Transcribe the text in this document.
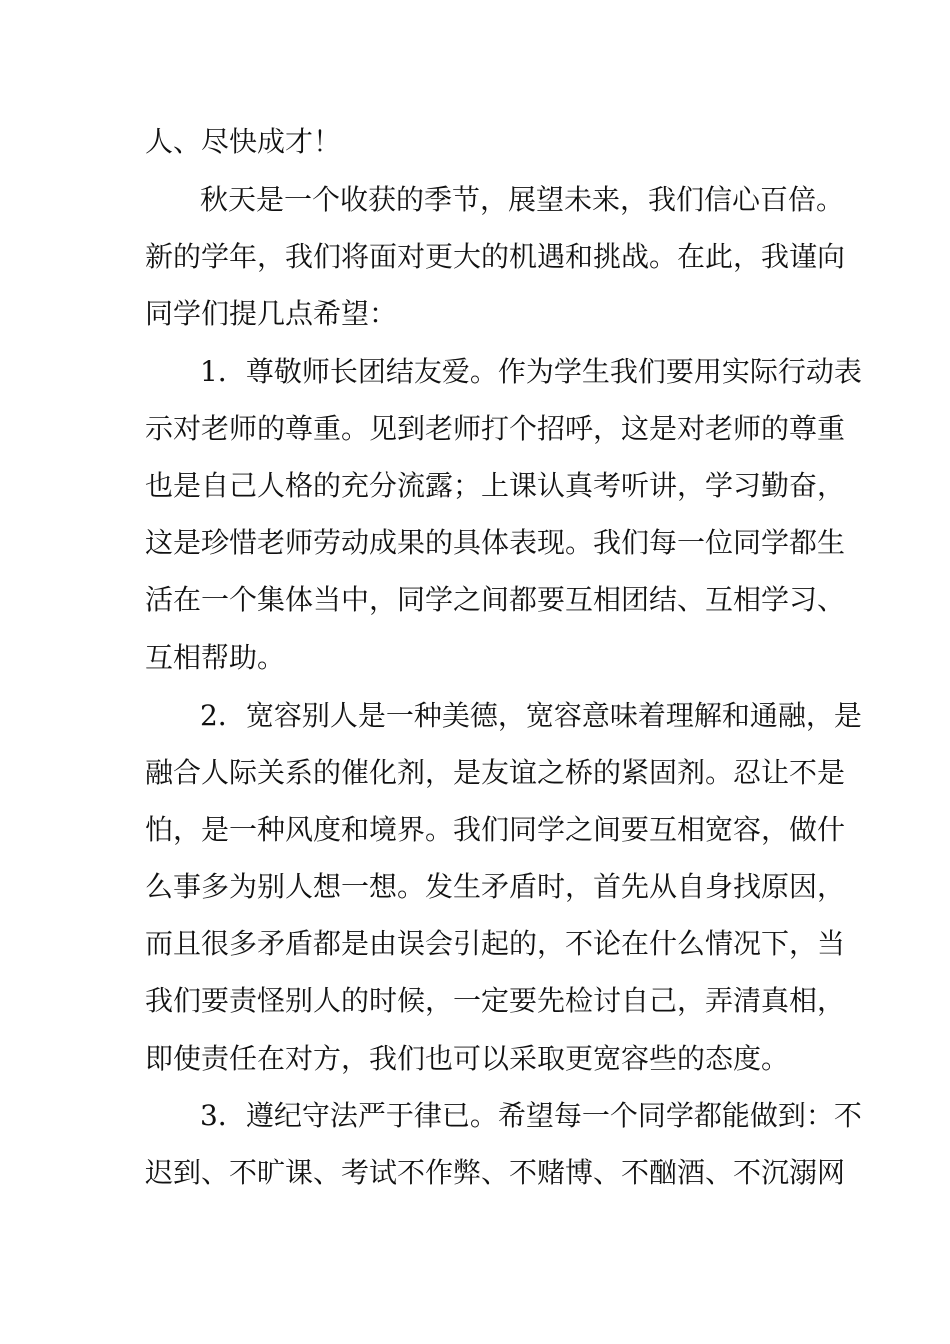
人、尽快成才！
秋天是一个收获的季节，展望未来，我们信心百倍。
新的学年，我们将面对更大的机遇和挑战。在此，我谨向
同学们提几点希望：
1．尊敬师长团结友爱。作为学生我们要用实际行动表
示对老师的尊重。见到老师打个招呼，这是对老师的尊重
也是自己人格的充分流露；上课认真考听讲，学习勤奋，
这是珍惜老师劳动成果的具体表现。我们每一位同学都生
活在一个集体当中，同学之间都要互相团结、互相学习、
互相帮助。
2．宽容别人是一种美德，宽容意味着理解和通融，是
融合人际关系的催化剂，是友谊之桥的紧固剂。忍让不是
怕，是一种风度和境界。我们同学之间要互相宽容，做什
么事多为别人想一想。发生矛盾时，首先从自身找原因，
而且很多矛盾都是由误会引起的，不论在什么情况下，当
我们要责怪别人的时候，一定要先检讨自己，弄清真相，
即使责任在对方，我们也可以采取更宽容些的态度。
3．遵纪守法严于律已。希望每一个同学都能做到：不
迟到、不旷课、考试不作弊、不赌博、不酗酒、不沉溺网
